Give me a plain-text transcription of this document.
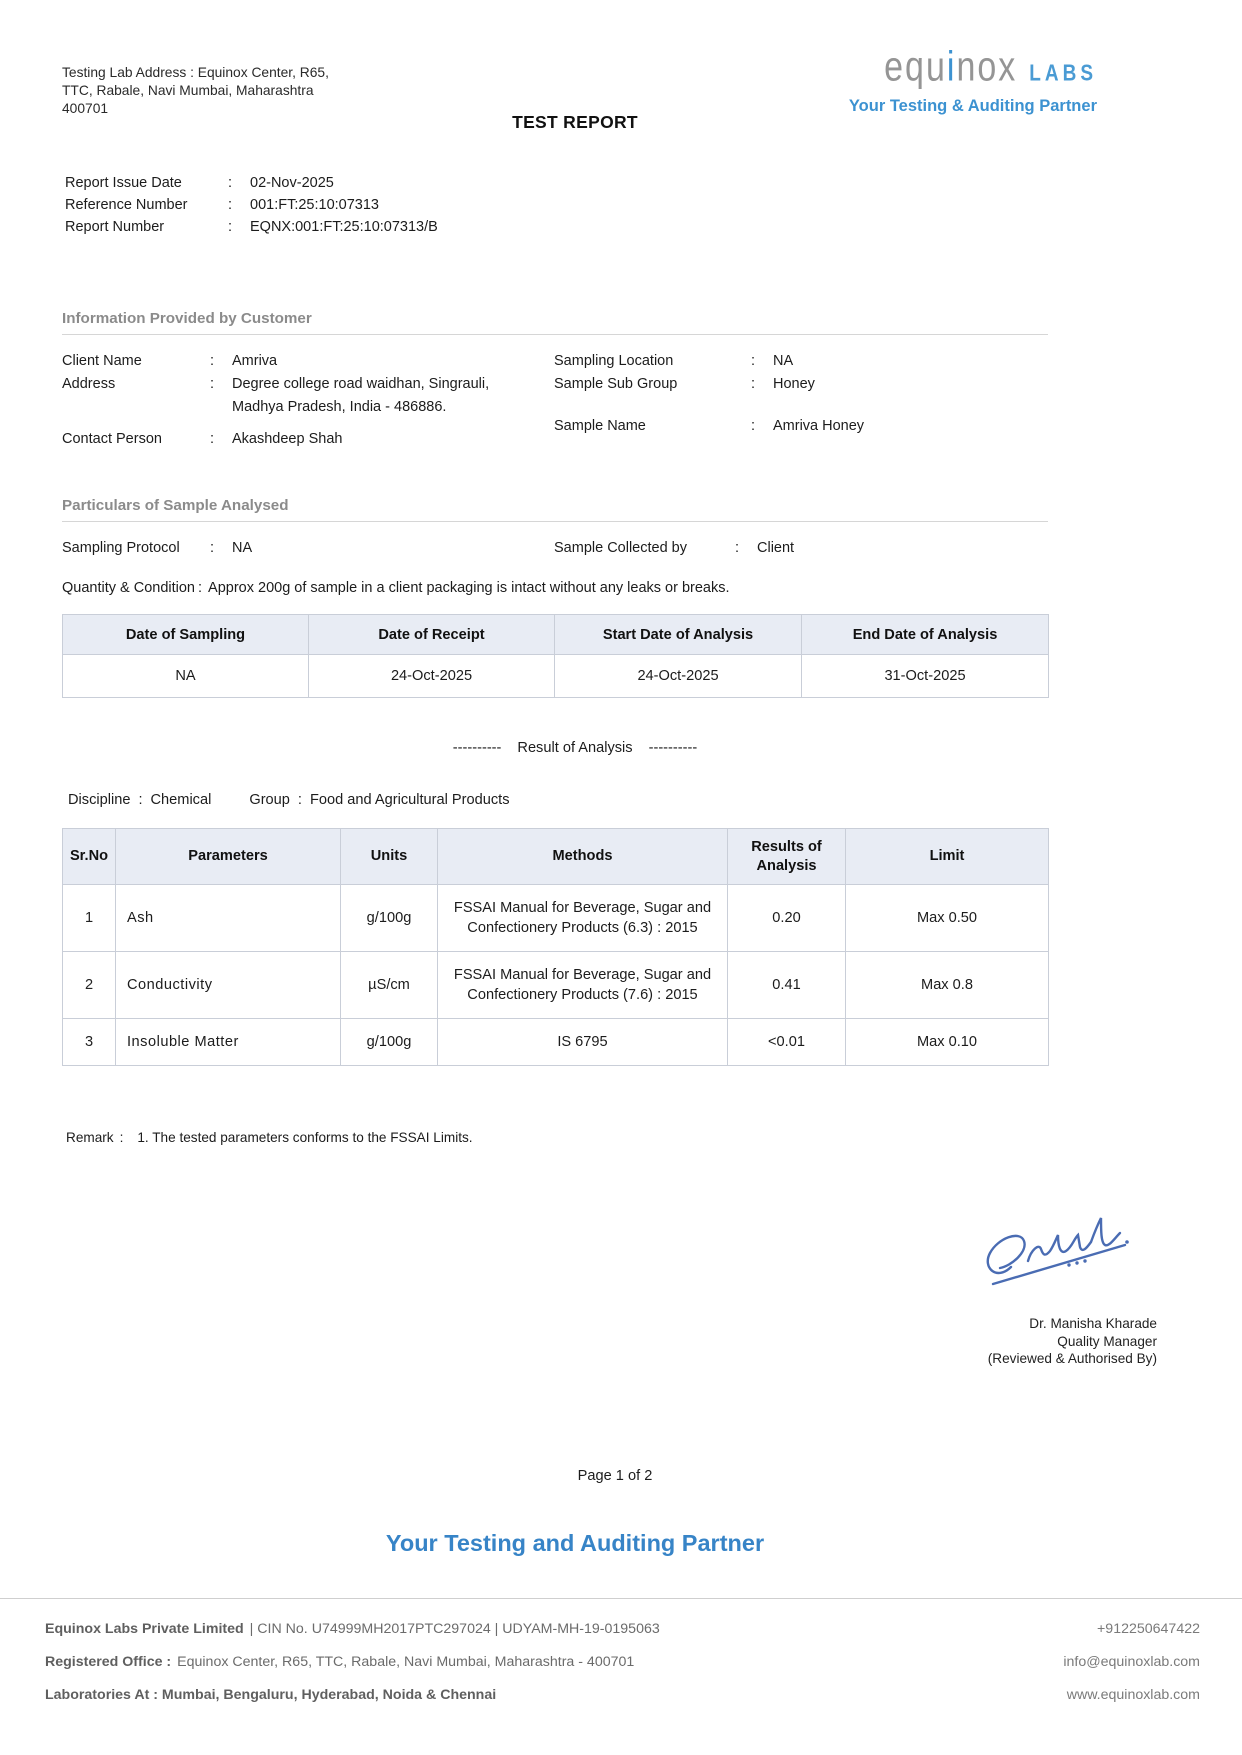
Testing Lab Address : Equinox Center, R65,
TTC, Rabale, Navi Mumbai, Maharashtra
400701
equinox LABS
Your Testing & Auditing Partner
TEST REPORT
Report Issue Date :	02-Nov-2025
Reference Number :	001:FT:25:10:07313
Report Number :	EQNX:001:FT:25:10:07313/B
Information Provided by Customer
Client Name :	Amriva
Address :	Degree college road waidhan, Singrauli, Madhya Pradesh, India - 486886.
Contact Person :	Akashdeep Shah
Sampling Location :	NA
Sample Sub Group :	Honey
Sample Name :	Amriva Honey
Particulars of Sample Analysed
Sampling Protocol :	NA	Sample Collected by :	Client
Quantity & Condition : Approx 200g of sample in a client packaging is intact without any leaks or breaks.
Date of Sampling	Date of Receipt	Start Date of Analysis	End Date of Analysis
NA	24-Oct-2025	24-Oct-2025	31-Oct-2025
---------- Result of Analysis ----------
Discipline : Chemical	Group : Food and Agricultural Products
Sr.No	Parameters	Units	Methods	Results of Analysis	Limit
1	Ash	g/100g	FSSAI Manual for Beverage, Sugar and Confectionery Products (6.3) : 2015	0.20	Max 0.50
2	Conductivity	µS/cm	FSSAI Manual for Beverage, Sugar and Confectionery Products (7.6) : 2015	0.41	Max 0.8
3	Insoluble Matter	g/100g	IS 6795	<0.01	Max 0.10
Remark : 1. The tested parameters conforms to the FSSAI Limits.
Dr. Manisha Kharade
Quality Manager
(Reviewed & Authorised By)
Page 1 of 2
Your Testing and Auditing Partner
Equinox Labs Private Limited | CIN No. U74999MH2017PTC297024 | UDYAM-MH-19-0195063
Registered Office : Equinox Center, R65, TTC, Rabale, Navi Mumbai, Maharashtra - 400701
Laboratories At : Mumbai, Bengaluru, Hyderabad, Noida & Chennai
+912250647422
info@equinoxlab.com
www.equinoxlab.com
